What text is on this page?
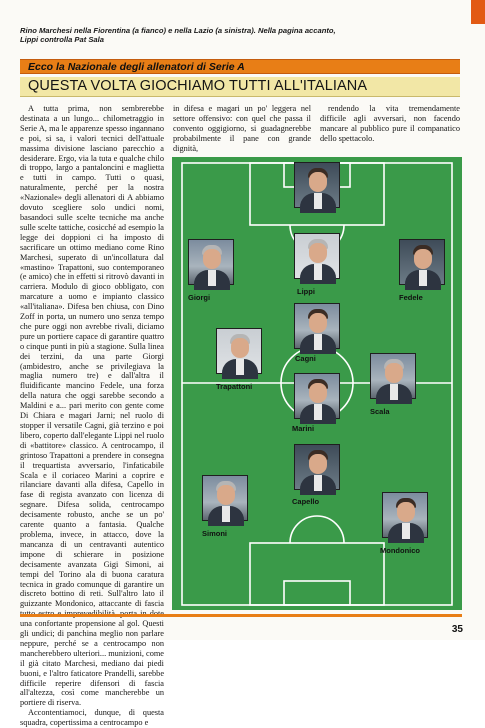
Rino Marchesi nella Fiorentina (a fianco) e nella Lazio (a sinistra). Nella pagina accanto, Lippi controlla Pat Sala
Ecco la Nazionale degli allenatori di Serie A
QUESTA VOLTA GIOCHIAMO TUTTI ALL'ITALIANA

A tutta prima, non sembrerebbe destinata a un lungo... chilometraggio in Serie A, ma le apparenze spesso ingannano e poi, si sa, i valori tecnici dell'attuale massima divisione lasciano parecchio a desiderare. Ergo, via la tuta e qualche chilo di troppo, largo a pantaloncini e maglietta e tutti in campo. Tutti o quasi, naturalmente, perché per la nostra «Nazionale» degli allenatori di A abbiamo dovuto scegliere solo undici nomi, basandoci sulle scelte tecniche ma anche sulle scelte tattiche, cosicché ad esempio la legge dei doppioni ci ha imposto di sacrificare un ottimo mediano come Rino Marchesi, superato di un'incollatura dal «mastino» Trapattoni, suo contemporaneo (e amico) che in effetti si ritrovò davanti in carriera. Modulo di gioco obbligato, con marcature a uomo e impianto classico «all'italiana». Difesa ben chiusa, con Dino Zoff in porta, un numero uno senza tempo che pure oggi non avrebbe rivali, diciamo pure un portiere capace di garantire quattro o cinque punti in più a stagione. Sulla linea dei terzini, da una parte Giorgi (ambidestro, anche se privilegiava la maglia numero tre) e dall'altra il fluidificante mancino Fedele, una forza della natura che oggi sarebbe secondo a Maldini e a... pari merito con gente come Di Chiara e magari Jarni; nel ruolo di stopper il versatile Cagni, già terzino e poi libero, coperto dall'elegante Lippi nel ruolo di «battitore» classico. A centrocampo, il grintoso Trapattoni a prendere in consegna il trequartista avversario, l'infaticabile Scala e il coriaceo Marini a coprire e rilanciare davanti alla difesa, Capello in fase di regista avanzato con licenza di segnare. Difesa solida, centrocampo decisamente robusto, anche se un po' carente quanto a fantasia. Qualche problema, invece, in attacco, dove la mancanza di un centravanti autentico impone di schierare in posizione decisamente avanzata Gigi Simoni, ai tempi del Torino ala di buona caratura tecnica in grado comunque di garantire un discreto bottino di reti. Sull'altro lato il guizzante Mondonico, attaccante di fascia una confortante propensione al gol. Questi gli undici; di panchina meglio non parlare neppure, perché se a centrocampo non mancherebbero ulteriori... munizioni, come il già citato Marchesi, mediano dai piedi buoni, e l'altro faticatore Prandelli, sarebbe difficile reperire difensori di fascia all'altezza, così come mancherebbe un portiere di riserva.

Accontentiamoci, dunque, di questa squadra, copertissima a centrocampo e

in difesa e magari un po' leggera nel settore offensivo: con quel che passa il convento oggigiorno, si guadagnerebbe probabilmente il pane con grande dignità,

rendendo la vita tremendamente difficile agli avversari, non facendo mancare al pubblico pure il companatico dello spettacolo.

Giorgi
Lippi
Fedele
Cagni
Trapattoni
Scala
Marini
Capello
Simoni
Mondonico
35
